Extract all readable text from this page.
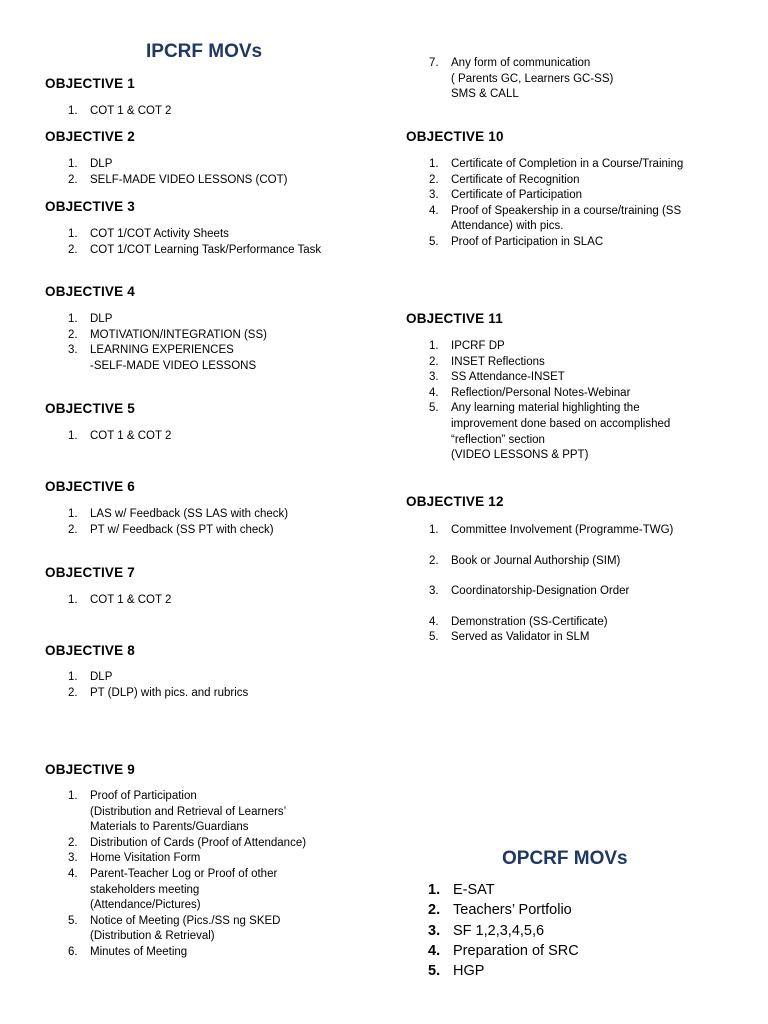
IPCRF MOVs
OBJECTIVE 1
1. COT 1 & COT 2
OBJECTIVE 2
1. DLP
2. SELF-MADE VIDEO LESSONS (COT)
OBJECTIVE 3
1. COT 1/COT Activity Sheets
2. COT 1/COT Learning Task/Performance Task
OBJECTIVE 4
1. DLP
2. MOTIVATION/INTEGRATION (SS)
3. LEARNING EXPERIENCES
-SELF-MADE VIDEO LESSONS
OBJECTIVE 5
1. COT 1 & COT 2
OBJECTIVE 6
1. LAS w/ Feedback (SS LAS with check)
2. PT w/ Feedback (SS PT with check)
OBJECTIVE 7
1. COT 1 & COT 2
OBJECTIVE 8
1. DLP
2. PT (DLP) with pics. and rubrics
OBJECTIVE 9
1. Proof of Participation
(Distribution and Retrieval of Learners’
Materials to Parents/Guardians
2. Distribution of Cards (Proof of Attendance)
3. Home Visitation Form
4. Parent-Teacher Log or Proof of other
stakeholders meeting
(Attendance/Pictures)
5. Notice of Meeting (Pics./SS ng SKED
(Distribution & Retrieval)
6. Minutes of Meeting
7. Any form of communication
( Parents GC, Learners GC-SS)
SMS & CALL
OBJECTIVE 10
1. Certificate of Completion in a Course/Training
2. Certificate of Recognition
3. Certificate of Participation
4. Proof of Speakership in a course/training (SS
Attendance) with pics.
5. Proof of Participation in SLAC
OBJECTIVE 11
1. IPCRF DP
2. INSET Reflections
3. SS Attendance-INSET
4. Reflection/Personal Notes-Webinar
5. Any learning material highlighting the
improvement done based on accomplished
“reflection” section
(VIDEO LESSONS & PPT)
OBJECTIVE 12
1. Committee Involvement (Programme-TWG)
2. Book or Journal Authorship (SIM)
3. Coordinatorship-Designation Order
4. Demonstration (SS-Certificate)
5. Served as Validator in SLM
OPCRF MOVs
1. E-SAT
2. Teachers’ Portfolio
3. SF 1,2,3,4,5,6
4. Preparation of SRC
5. HGP
